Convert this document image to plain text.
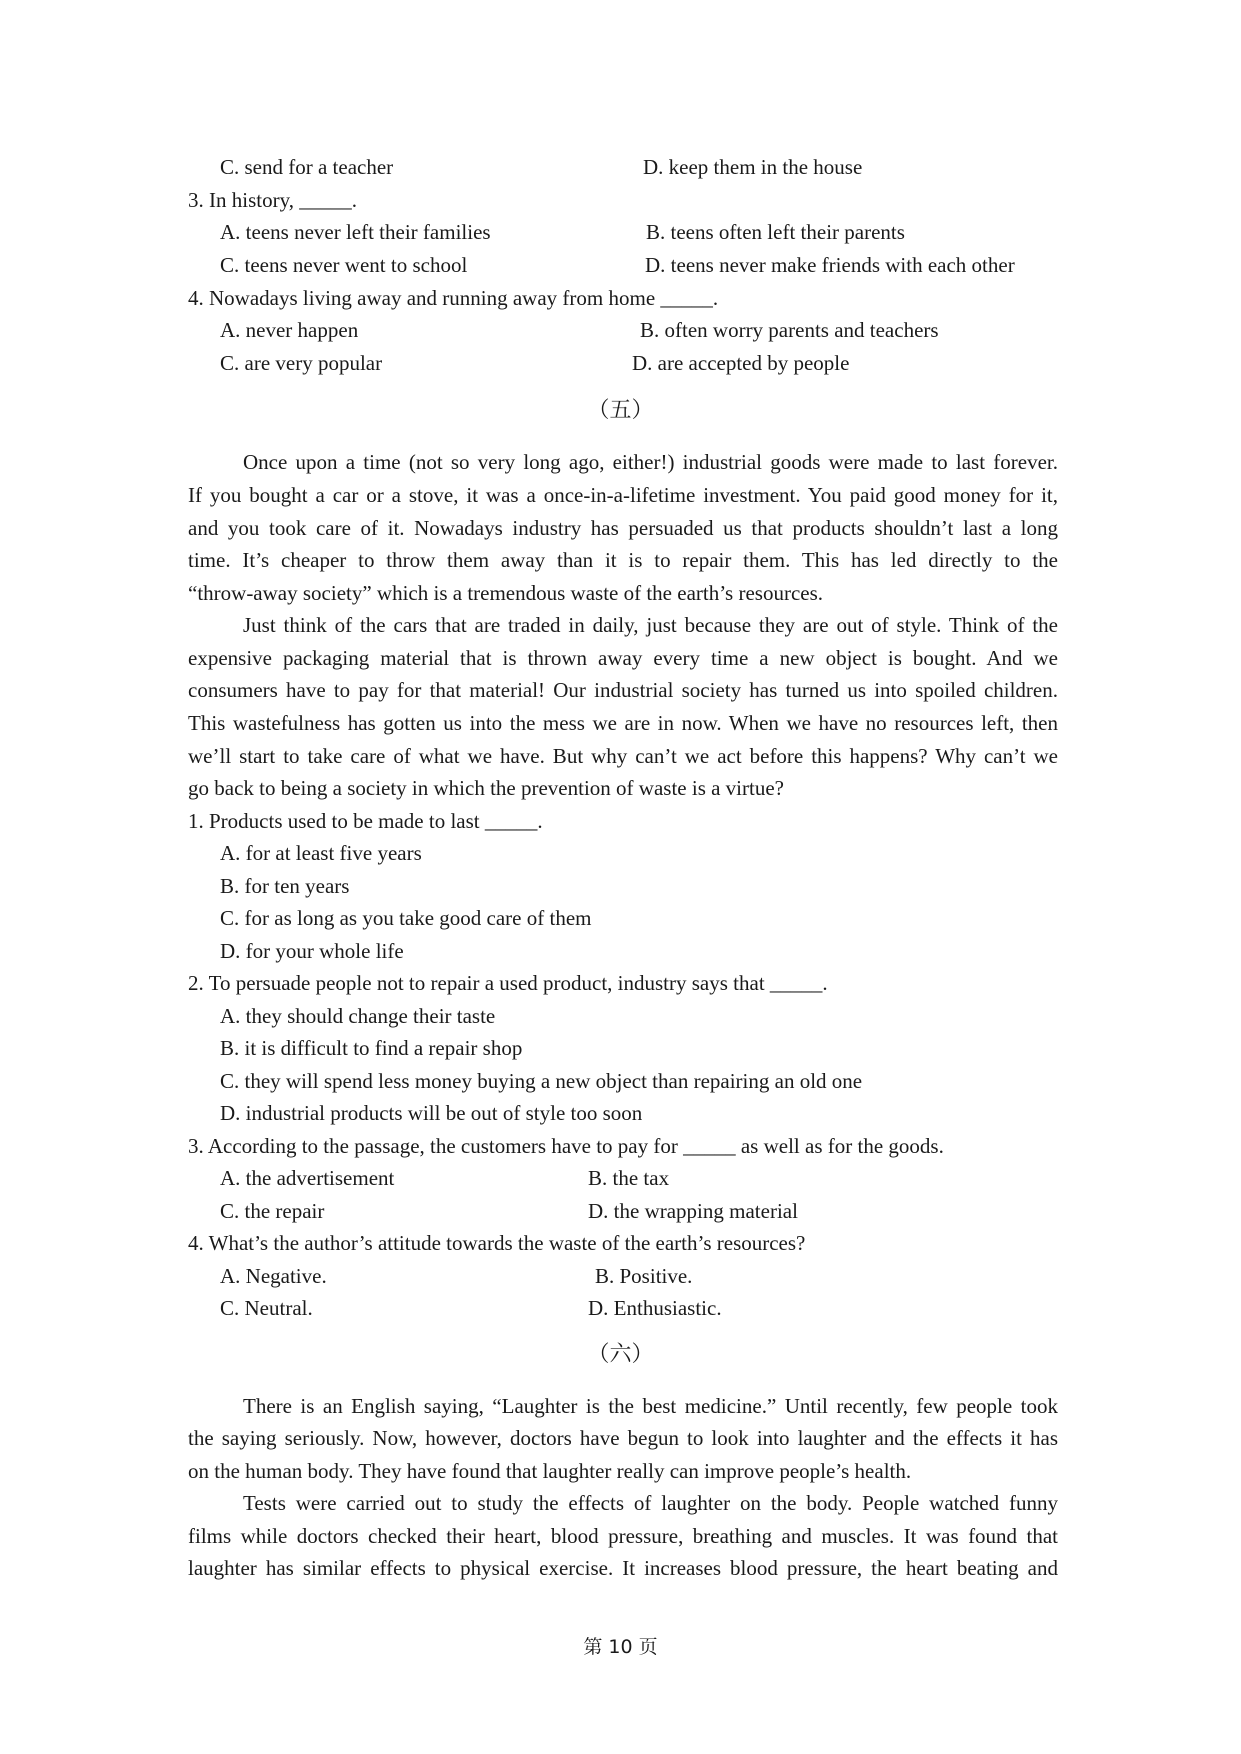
C. send for a teacher	D. keep them in the house
3. In history, _____.
A. teens never left their families	B. teens often left their parents
C. teens never went to school	D. teens never make friends with each other
4. Nowadays living away and running away from home _____.
A. never happen	B. often worry parents and teachers
C. are very popular	D. are accepted by people
（五）
Once upon a time (not so very long ago, either!) industrial goods were made to last forever.
If you bought a car or a stove, it was a once-in-a-lifetime investment. You paid good money for it,
and you took care of it. Nowadays industry has persuaded us that products shouldn’t last a long
time. It’s cheaper to throw them away than it is to repair them. This has led directly to the
“throw-away society” which is a tremendous waste of the earth’s resources.
Just think of the cars that are traded in daily, just because they are out of style. Think of the
expensive packaging material that is thrown away every time a new object is bought. And we
consumers have to pay for that material! Our industrial society has turned us into spoiled children.
This wastefulness has gotten us into the mess we are in now. When we have no resources left, then
we’ll start to take care of what we have. But why can’t we act before this happens? Why can’t we
go back to being a society in which the prevention of waste is a virtue?
1. Products used to be made to last _____.
A. for at least five years
B. for ten years
C. for as long as you take good care of them
D. for your whole life
2. To persuade people not to repair a used product, industry says that _____.
A. they should change their taste
B. it is difficult to find a repair shop
C. they will spend less money buying a new object than repairing an old one
D. industrial products will be out of style too soon
3. According to the passage, the customers have to pay for _____ as well as for the goods.
A. the advertisement	B. the tax
C. the repair	D. the wrapping material
4. What’s the author’s attitude towards the waste of the earth’s resources?
A. Negative.	B. Positive.
C. Neutral.	D. Enthusiastic.
（六）
There is an English saying, “Laughter is the best medicine.” Until recently, few people took
the saying seriously. Now, however, doctors have begun to look into laughter and the effects it has
on the human body. They have found that laughter really can improve people’s health.
Tests were carried out to study the effects of laughter on the body. People watched funny
films while doctors checked their heart, blood pressure, breathing and muscles. It was found that
laughter has similar effects to physical exercise. It increases blood pressure, the heart beating and
第 10 页
